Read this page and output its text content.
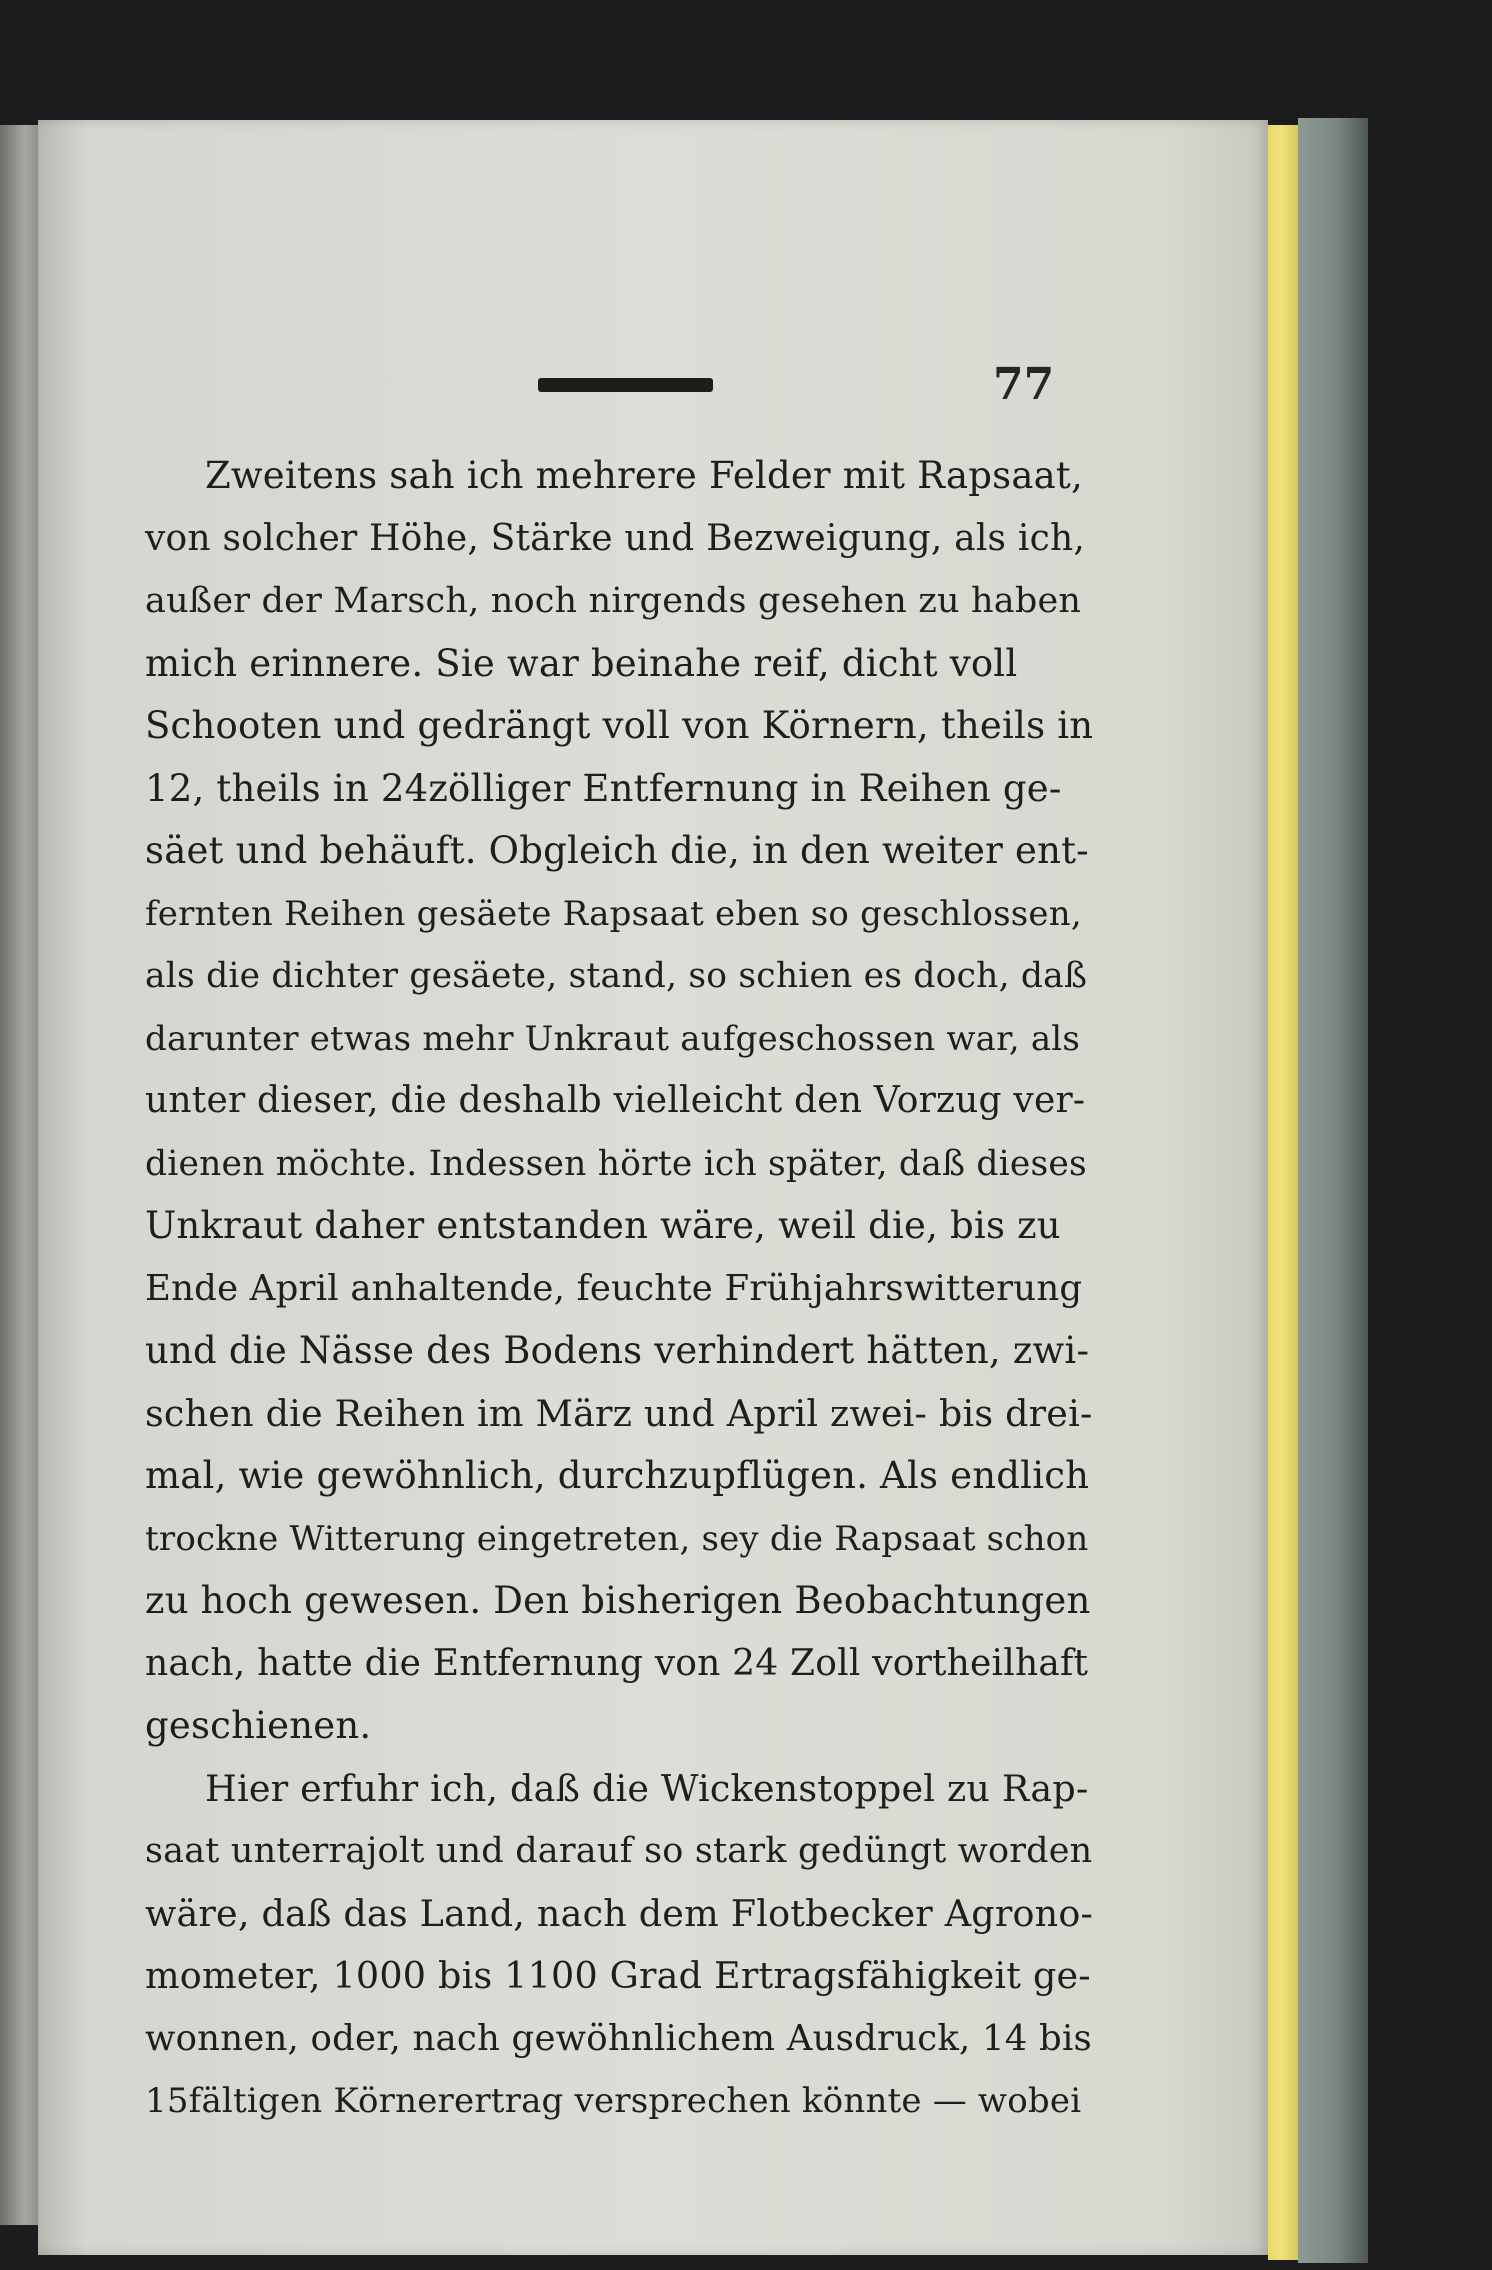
77
Zweitens sah ich mehrere Felder mit Rapsaat,
von solcher Höhe, Stärke und Bezweigung, als ich,
außer der Marsch, noch nirgends gesehen zu haben
mich erinnere. Sie war beinahe reif, dicht voll
Schooten und gedrängt voll von Körnern, theils in
12, theils in 24zölliger Entfernung in Reihen ge-
säet und behäuft. Obgleich die, in den weiter ent-
fernten Reihen gesäete Rapsaat eben so geschlossen,
als die dichter gesäete, stand, so schien es doch, daß
darunter etwas mehr Unkraut aufgeschossen war, als
unter dieser, die deshalb vielleicht den Vorzug ver-
dienen möchte. Indessen hörte ich später, daß dieses
Unkraut daher entstanden wäre, weil die, bis zu
Ende April anhaltende, feuchte Frühjahrswitterung
und die Nässe des Bodens verhindert hätten, zwi-
schen die Reihen im März und April zwei- bis drei-
mal, wie gewöhnlich, durchzupflügen. Als endlich
trockne Witterung eingetreten, sey die Rapsaat schon
zu hoch gewesen. Den bisherigen Beobachtungen
nach, hatte die Entfernung von 24 Zoll vortheilhaft
geschienen.
Hier erfuhr ich, daß die Wickenstoppel zu Rap-
saat unterrajolt und darauf so stark gedüngt worden
wäre, daß das Land, nach dem Flotbecker Agrono-
mometer, 1000 bis 1100 Grad Ertragsfähigkeit ge-
wonnen, oder, nach gewöhnlichem Ausdruck, 14 bis
15fältigen Körnerertrag versprechen könnte — wobei
